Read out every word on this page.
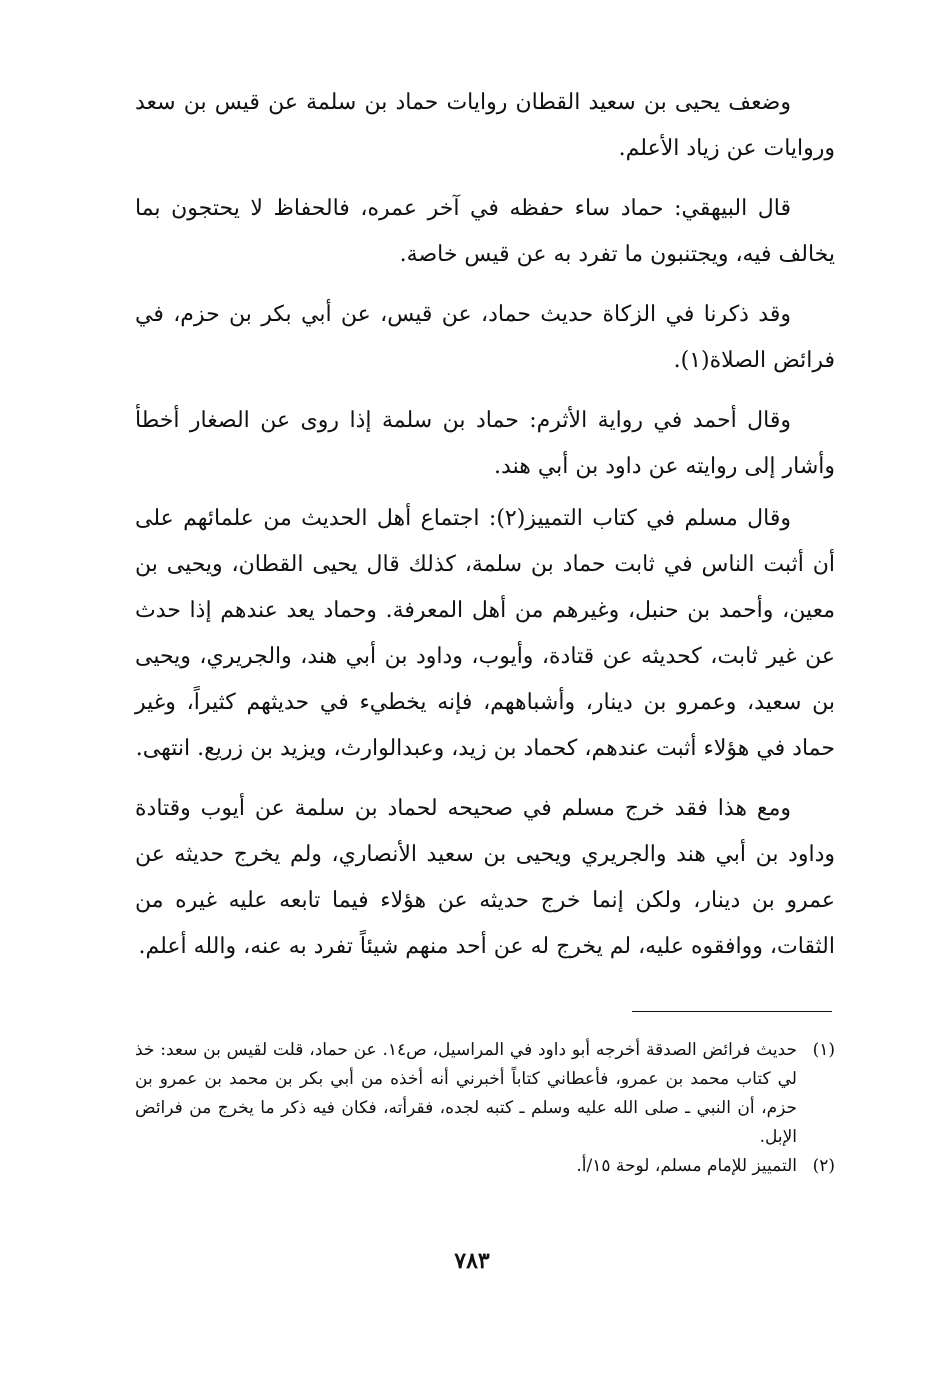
وضعف يحيى بن سعيد القطان روايات حماد بن سلمة عن قيس بن سعد وروايات عن زياد الأعلم.

قال البيهقي: حماد ساء حفظه في آخر عمره، فالحفاظ لا يحتجون بما يخالف فيه، ويجتنبون ما تفرد به عن قيس خاصة.

وقد ذكرنا في الزكاة حديث حماد، عن قيس، عن أبي بكر بن حزم، في فرائض الصلاة(١).

وقال أحمد في رواية الأثرم: حماد بن سلمة إذا روى عن الصغار أخطأ وأشار إلى روايته عن داود بن أبي هند.

وقال مسلم في كتاب التمييز(٢): اجتماع أهل الحديث من علمائهم على أن أثبت الناس في ثابت حماد بن سلمة، كذلك قال يحيى القطان، ويحيى بن معين، وأحمد بن حنبل، وغيرهم من أهل المعرفة. وحماد يعد عندهم إذا حدث عن غير ثابت، كحديثه عن قتادة، وأيوب، وداود بن أبي هند، والجريري، ويحيى بن سعيد، وعمرو بن دينار، وأشباههم، فإنه يخطيء في حديثهم كثيراً، وغير حماد في هؤلاء أثبت عندهم، كحماد بن زيد، وعبدالوارث، ويزيد بن زريع. انتهى.

ومع هذا فقد خرج مسلم في صحيحه لحماد بن سلمة عن أيوب وقتادة وداود بن أبي هند والجريري ويحيى بن سعيد الأنصاري، ولم يخرج حديثه عن عمرو بن دينار، ولكن إنما خرج حديثه عن هؤلاء فيما تابعه عليه غيره من الثقات، ووافقوه عليه، لم يخرج له عن أحد منهم شيئاً تفرد به عنه، والله أعلم.

(١)
حديث فرائض الصدقة أخرجه أبو داود في المراسيل، ص١٤. عن حماد، قلت لقيس بن سعد: خذ لي كتاب محمد بن عمرو، فأعطاني كتاباً أخبرني أنه أخذه من أبي بكر بن محمد بن عمرو بن حزم، أن النبي ـ صلى الله عليه وسلم ـ كتبه لجده، فقرأته، فكان فيه ذكر ما يخرج من فرائض الإبل.

(٢)
التمييز للإمام مسلم، لوحة ١٥/أ.

٧٨٣
